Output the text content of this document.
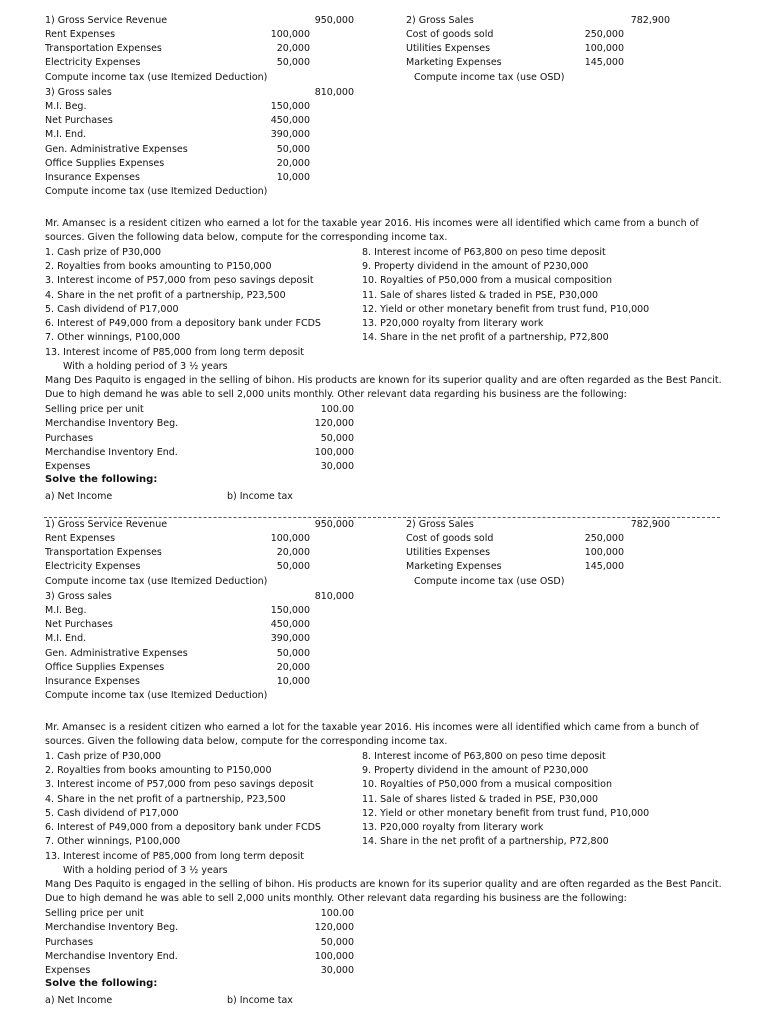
1) Gross Service Revenue	950,000
Rent Expenses	100,000
Transportation Expenses	20,000
Electricity Expenses	50,000
Compute income tax (use Itemized Deduction)
2) Gross Sales	782,900
Cost of goods sold	250,000
Utilities Expenses	100,000
Marketing Expenses	145,000
Compute income tax (use OSD)
3) Gross sales	810,000
M.I. Beg.	150,000
Net Purchases	450,000
M.I. End.	390,000
Gen. Administrative Expenses	50,000
Office Supplies Expenses	20,000
Insurance Expenses	10,000
Compute income tax (use Itemized Deduction)
Mr. Amansec is a resident citizen who earned a lot for the taxable year 2016. His incomes were all identified which came from a bunch of sources. Given the following data below, compute for the corresponding income tax.
1. Cash prize of P30,000
2. Royalties from books amounting to P150,000
3. Interest income of P57,000 from peso savings deposit
4. Share in the net profit of a partnership, P23,500
5. Cash dividend of P17,000
6. Interest of P49,000 from a depository bank under FCDS
7. Other winnings, P100,000
13. Interest income of P85,000 from long term deposit
With a holding period of 3 ½ years
8. Interest income of P63,800 on peso time deposit
9. Property dividend in the amount of P230,000
10. Royalties of P50,000 from a musical composition
11. Sale of shares listed & traded in PSE, P30,000
12. Yield or other monetary benefit from trust fund, P10,000
13. P20,000 royalty from literary work
14. Share in the net profit of a partnership, P72,800
Mang Des Paquito is engaged in the selling of bihon. His products are known for its superior quality and are often regarded as the Best Pancit. Due to high demand he was able to sell 2,000 units monthly. Other relevant data regarding his business are the following:
Selling price per unit	100.00
Merchandise Inventory Beg.	120,000
Purchases	50,000
Merchandise Inventory End.	100,000
Expenses	30,000
Solve the following:
a) Net Income	b) Income tax
1) Gross Service Revenue	950,000
Rent Expenses	100,000
Transportation Expenses	20,000
Electricity Expenses	50,000
Compute income tax (use Itemized Deduction)
2) Gross Sales	782,900
Cost of goods sold	250,000
Utilities Expenses	100,000
Marketing Expenses	145,000
Compute income tax (use OSD)
3) Gross sales	810,000
M.I. Beg.	150,000
Net Purchases	450,000
M.I. End.	390,000
Gen. Administrative Expenses	50,000
Office Supplies Expenses	20,000
Insurance Expenses	10,000
Compute income tax (use Itemized Deduction)
Mr. Amansec is a resident citizen who earned a lot for the taxable year 2016. His incomes were all identified which came from a bunch of sources. Given the following data below, compute for the corresponding income tax.
1. Cash prize of P30,000
2. Royalties from books amounting to P150,000
3. Interest income of P57,000 from peso savings deposit
4. Share in the net profit of a partnership, P23,500
5. Cash dividend of P17,000
6. Interest of P49,000 from a depository bank under FCDS
7. Other winnings, P100,000
13. Interest income of P85,000 from long term deposit
With a holding period of 3 ½ years
8. Interest income of P63,800 on peso time deposit
9. Property dividend in the amount of P230,000
10. Royalties of P50,000 from a musical composition
11. Sale of shares listed & traded in PSE, P30,000
12. Yield or other monetary benefit from trust fund, P10,000
13. P20,000 royalty from literary work
14. Share in the net profit of a partnership, P72,800
Mang Des Paquito is engaged in the selling of bihon. His products are known for its superior quality and are often regarded as the Best Pancit. Due to high demand he was able to sell 2,000 units monthly. Other relevant data regarding his business are the following:
Selling price per unit	100.00
Merchandise Inventory Beg.	120,000
Purchases	50,000
Merchandise Inventory End.	100,000
Expenses	30,000
Solve the following:
a) Net Income	b) Income tax
